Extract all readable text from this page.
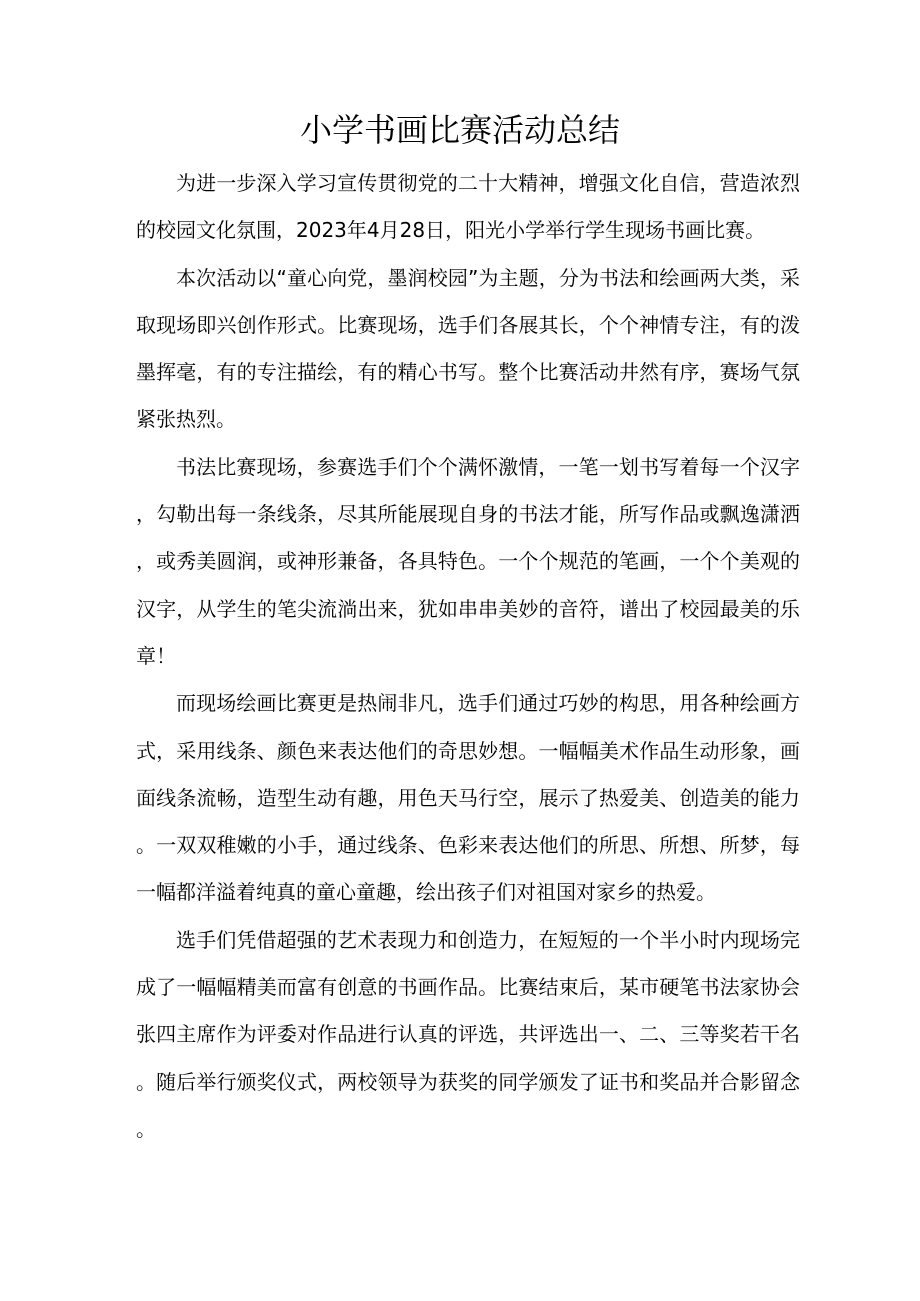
小学书画比赛活动总结

为进一步深入学习宣传贯彻党的二十大精神，增强文化自信，营造浓烈的校园文化氛围，2023年4月28日，阳光小学举行学生现场书画比赛。

本次活动以“童心向党，墨润校园”为主题，分为书法和绘画两大类，采取现场即兴创作形式。比赛现场，选手们各展其长，个个神情专注，有的泼墨挥毫，有的专注描绘，有的精心书写。整个比赛活动井然有序，赛场气氛紧张热烈。

书法比赛现场，参赛选手们个个满怀激情，一笔一划书写着每一个汉字，勾勒出每一条线条，尽其所能展现自身的书法才能，所写作品或飘逸潇洒，或秀美圆润，或神形兼备，各具特色。一个个规范的笔画，一个个美观的汉字，从学生的笔尖流淌出来，犹如串串美妙的音符，谱出了校园最美的乐章！

而现场绘画比赛更是热闹非凡，选手们通过巧妙的构思，用各种绘画方式，采用线条、颜色来表达他们的奇思妙想。一幅幅美术作品生动形象，画面线条流畅，造型生动有趣，用色天马行空，展示了热爱美、创造美的能力。一双双稚嫩的小手，通过线条、色彩来表达他们的所思、所想、所梦，每一幅都洋溢着纯真的童心童趣，绘出孩子们对祖国对家乡的热爱。

选手们凭借超强的艺术表现力和创造力，在短短的一个半小时内现场完成了一幅幅精美而富有创意的书画作品。比赛结束后，某市硬笔书法家协会张四主席作为评委对作品进行认真的评选，共评选出一、二、三等奖若干名。随后举行颁奖仪式，两校领导为获奖的同学颁发了证书和奖品并合影留念。
